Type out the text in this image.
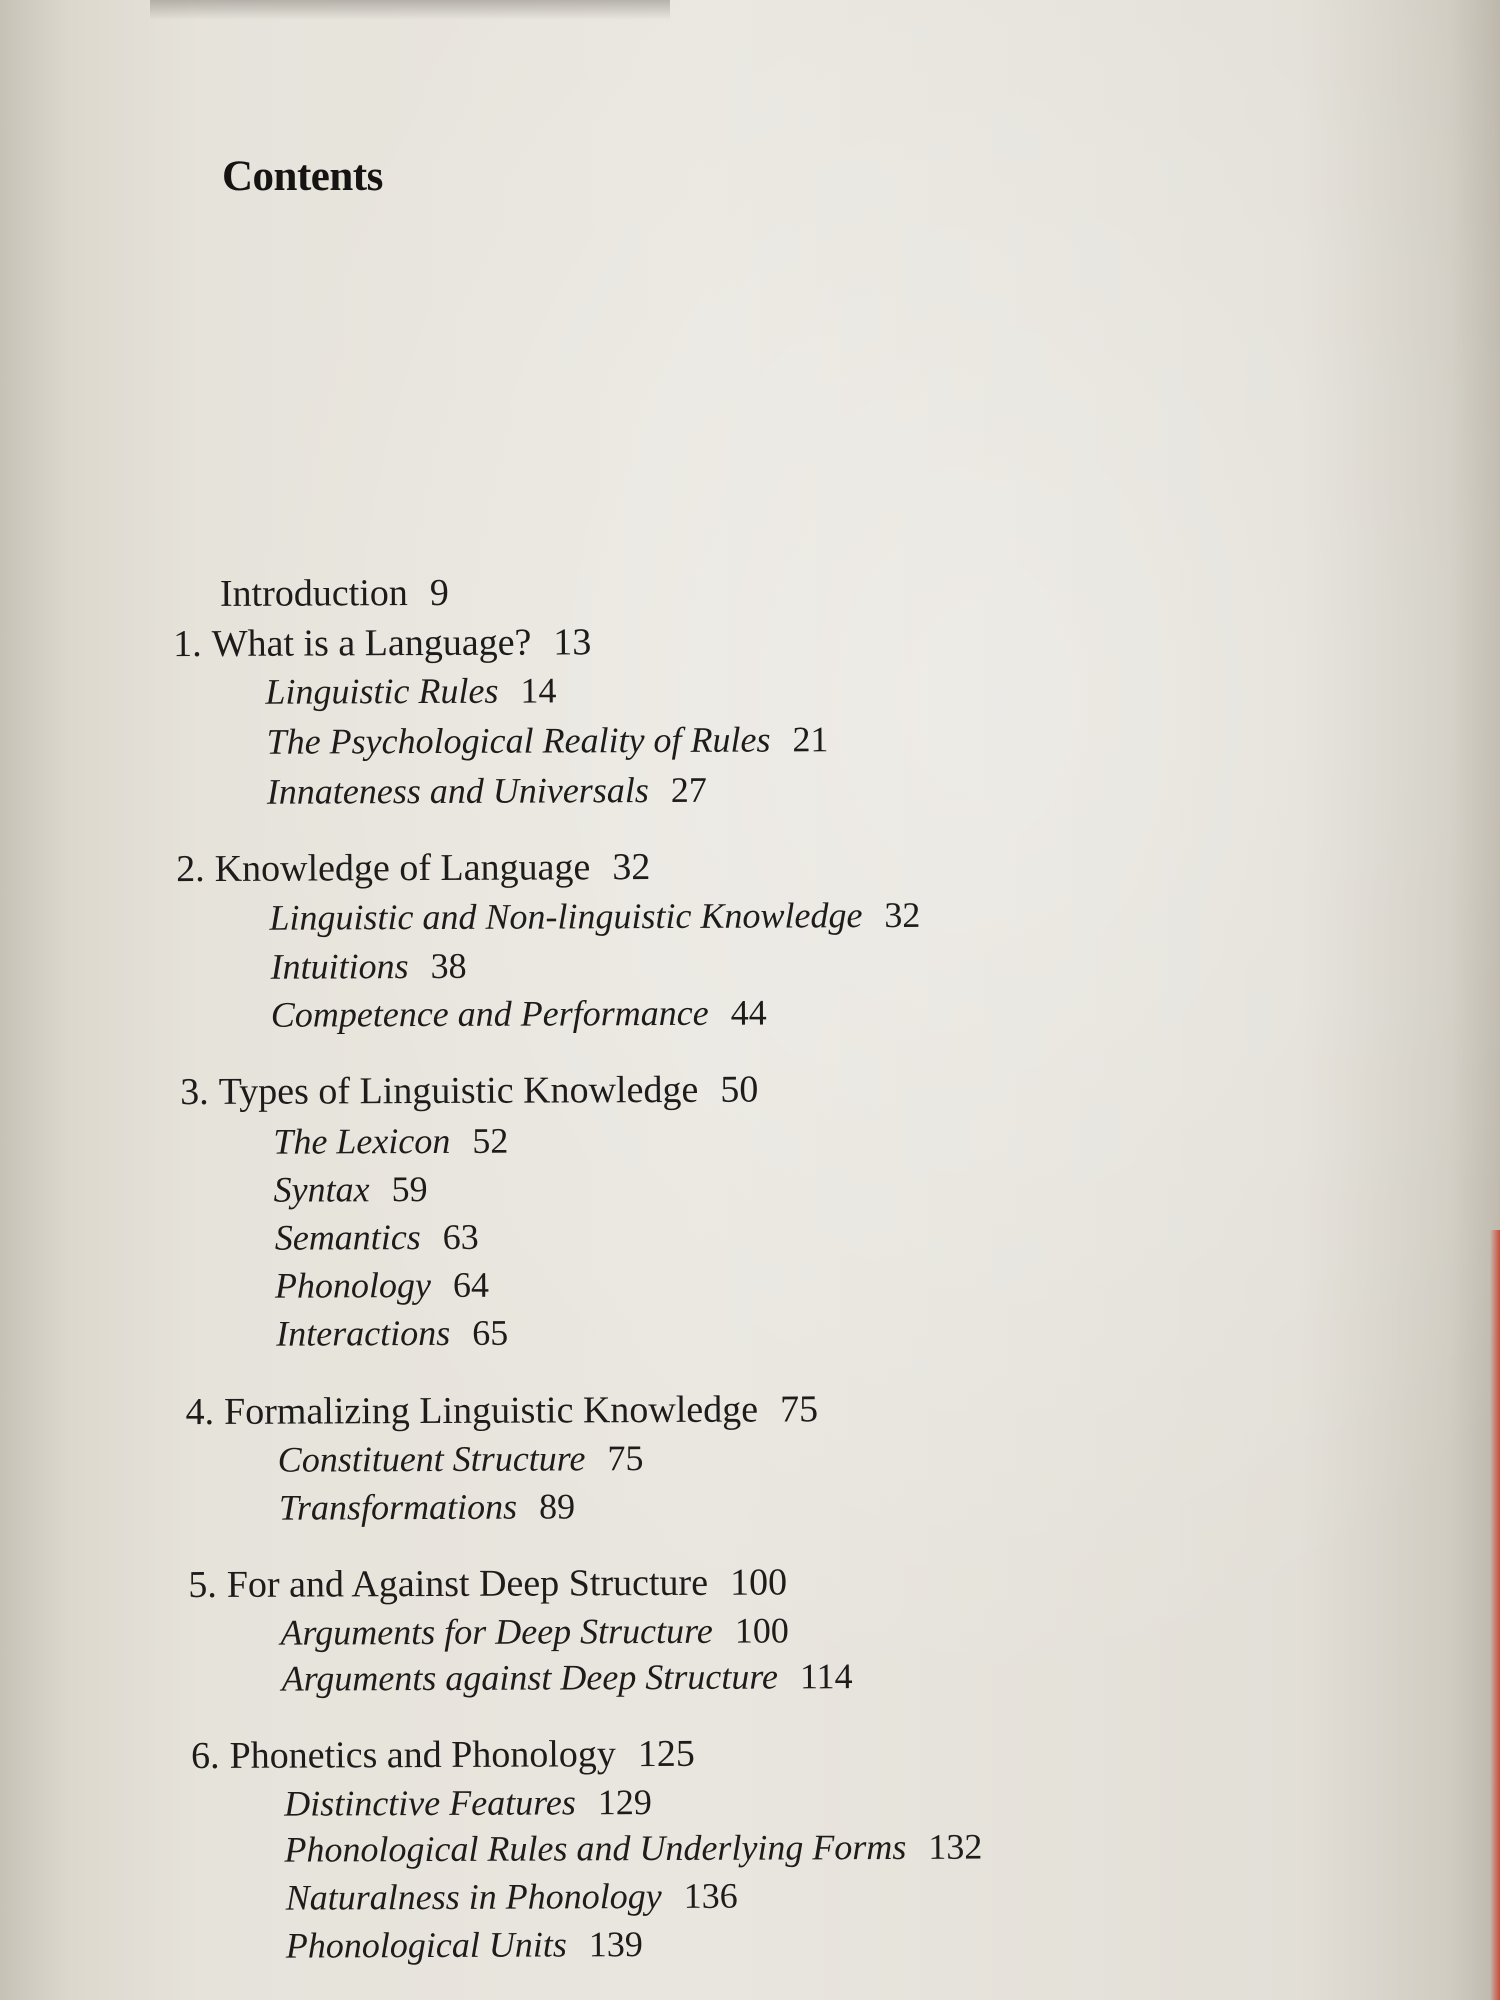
Contents
Introduction 9
1. What is a Language? 13
Linguistic Rules 14
The Psychological Reality of Rules 21
Innateness and Universals 27
2. Knowledge of Language 32
Linguistic and Non-linguistic Knowledge 32
Intuitions 38
Competence and Performance 44
3. Types of Linguistic Knowledge 50
The Lexicon 52
Syntax 59
Semantics 63
Phonology 64
Interactions 65
4. Formalizing Linguistic Knowledge 75
Constituent Structure 75
Transformations 89
5. For and Against Deep Structure 100
Arguments for Deep Structure 100
Arguments against Deep Structure 114
6. Phonetics and Phonology 125
Distinctive Features 129
Phonological Rules and Underlying Forms 132
Naturalness in Phonology 136
Phonological Units 139
